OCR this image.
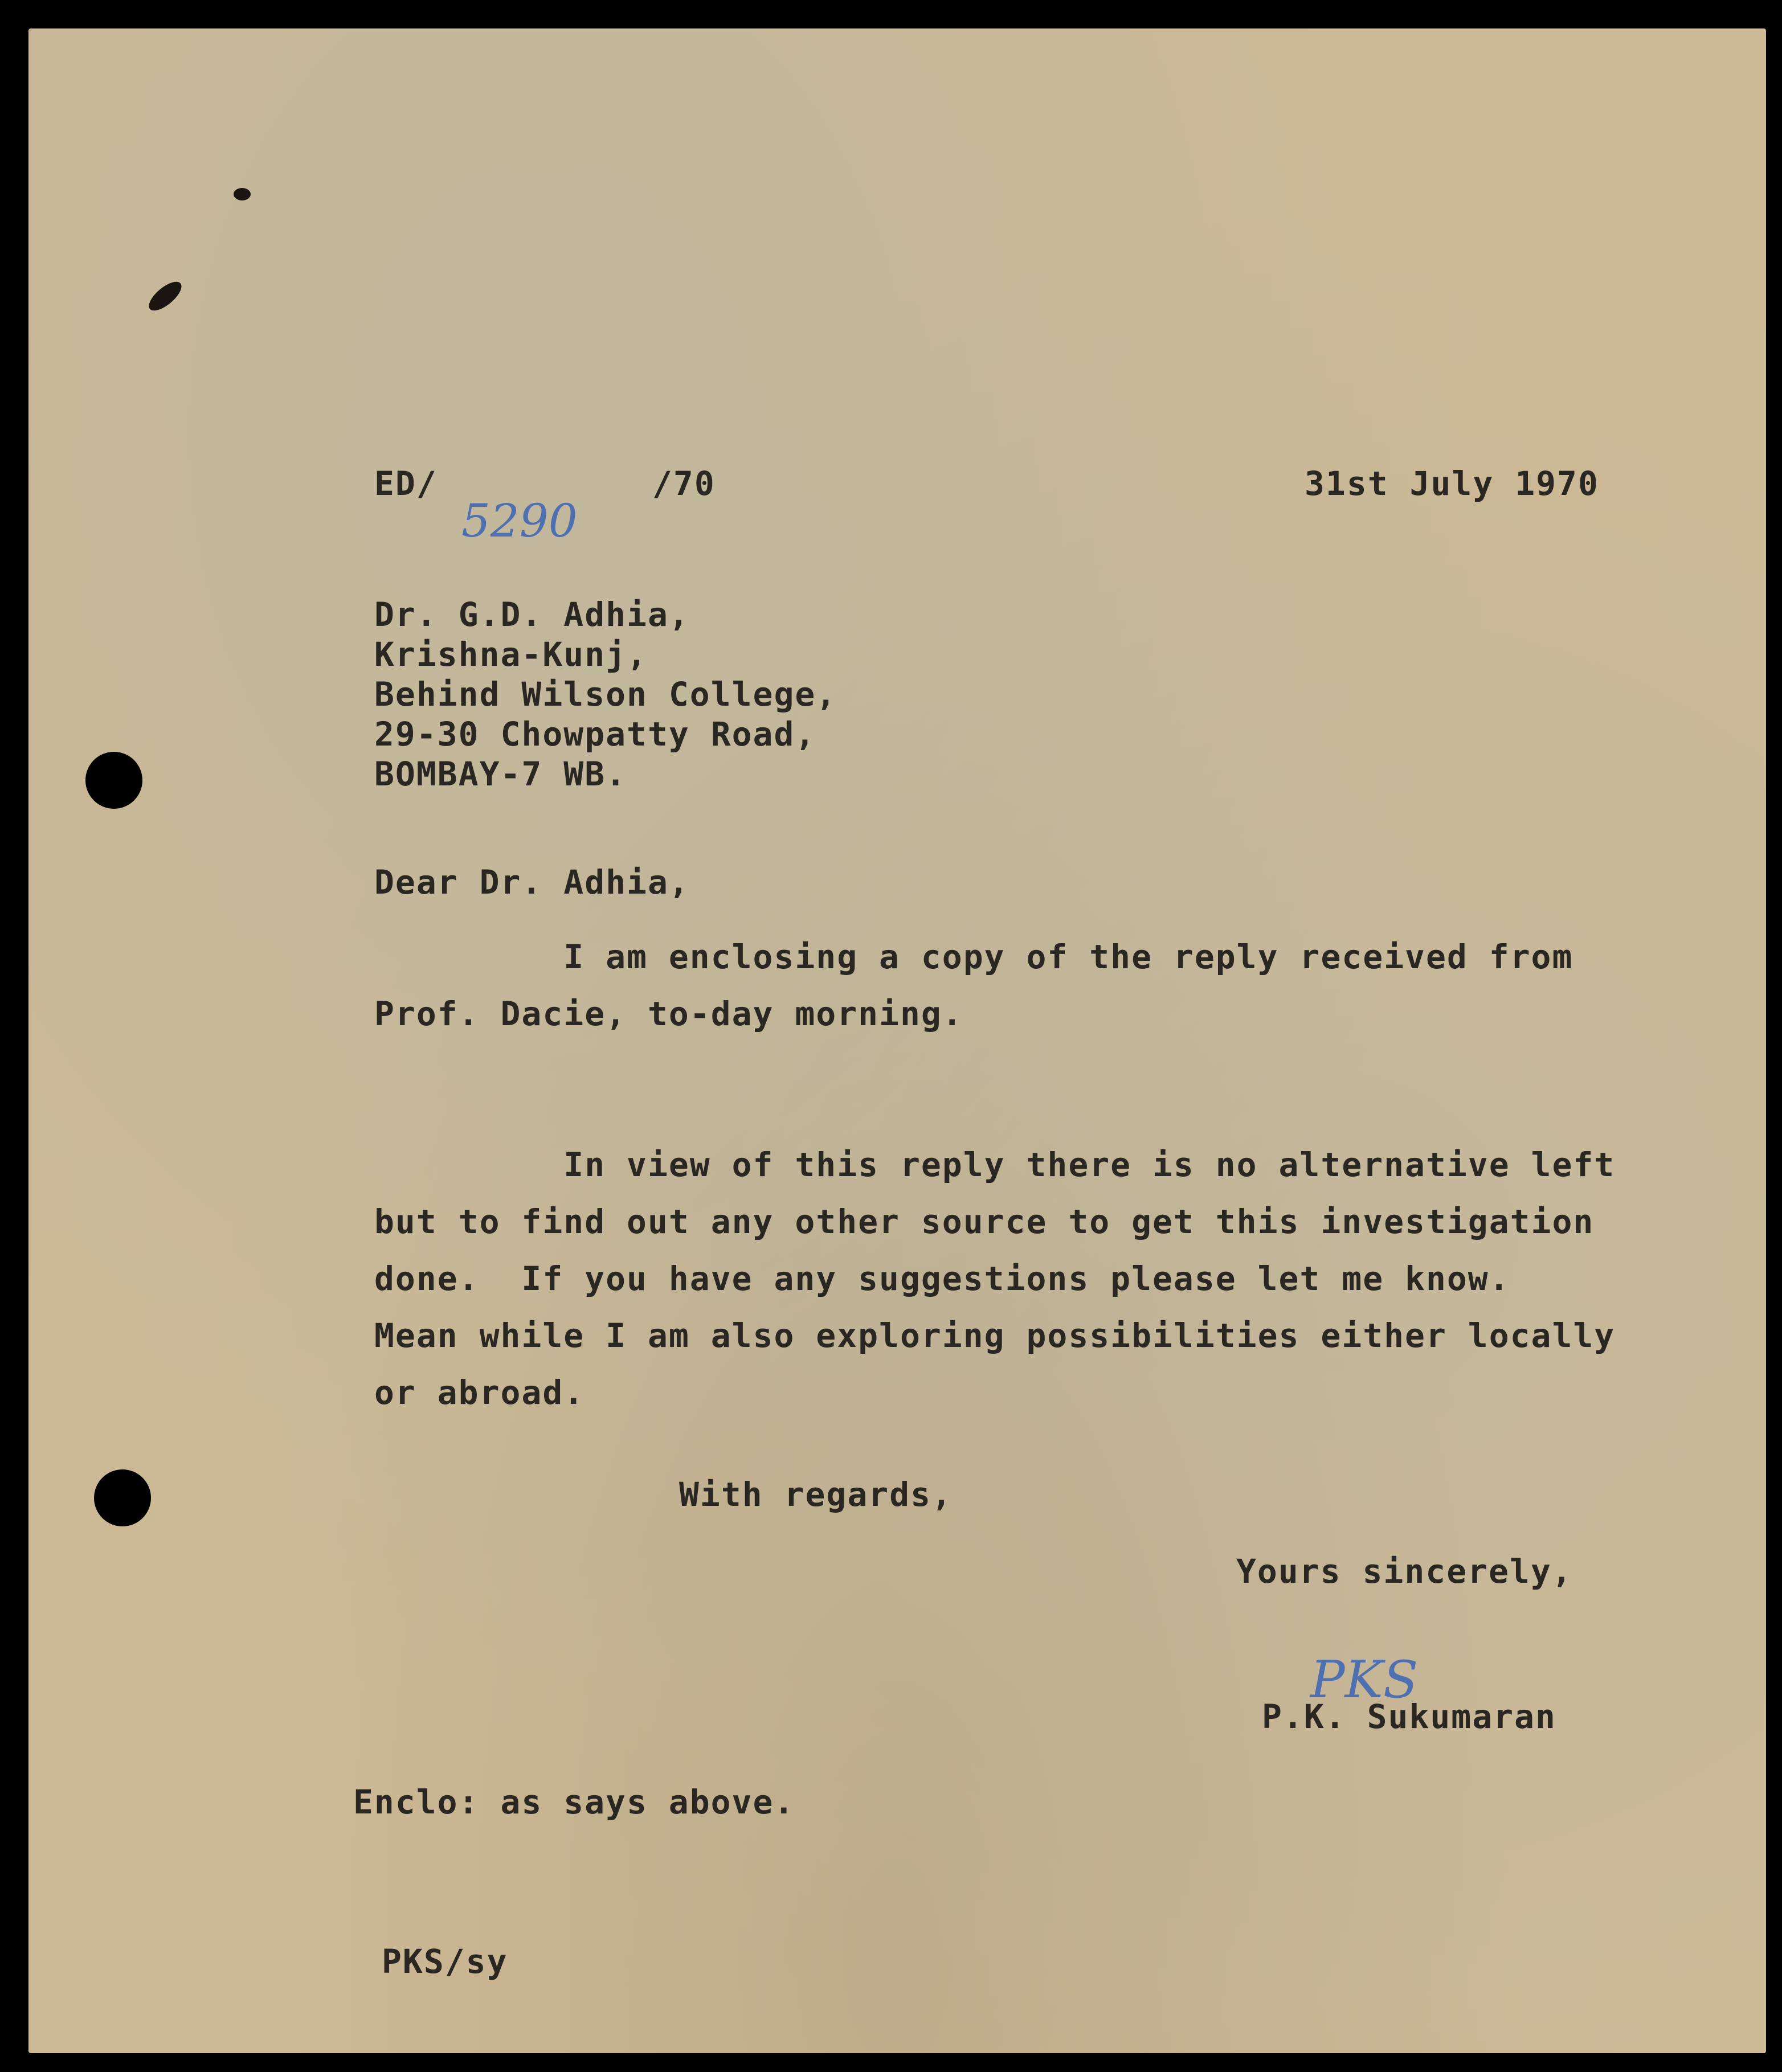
ED/

5290

/70	31st July 1970

Dr. G.D. Adhia,

Krishna-Kunj,

Behind Wilson College,

29-30 Chowpatty Road,

BOMBAY-7 WB.

Dear Dr. Adhia,

I am enclosing a copy of the reply received from

Prof. Dacie, to-day morning.

In view of this reply there is no alternative left

but to find out any other source to get this investigation

done.  If you have any suggestions please let me know.

Mean while I am also exploring possibilities either locally

or abroad.

With regards,

Yours sincerely,

PKS

P.K. Sukumaran

Enclo: as says above.

PKS/sy
